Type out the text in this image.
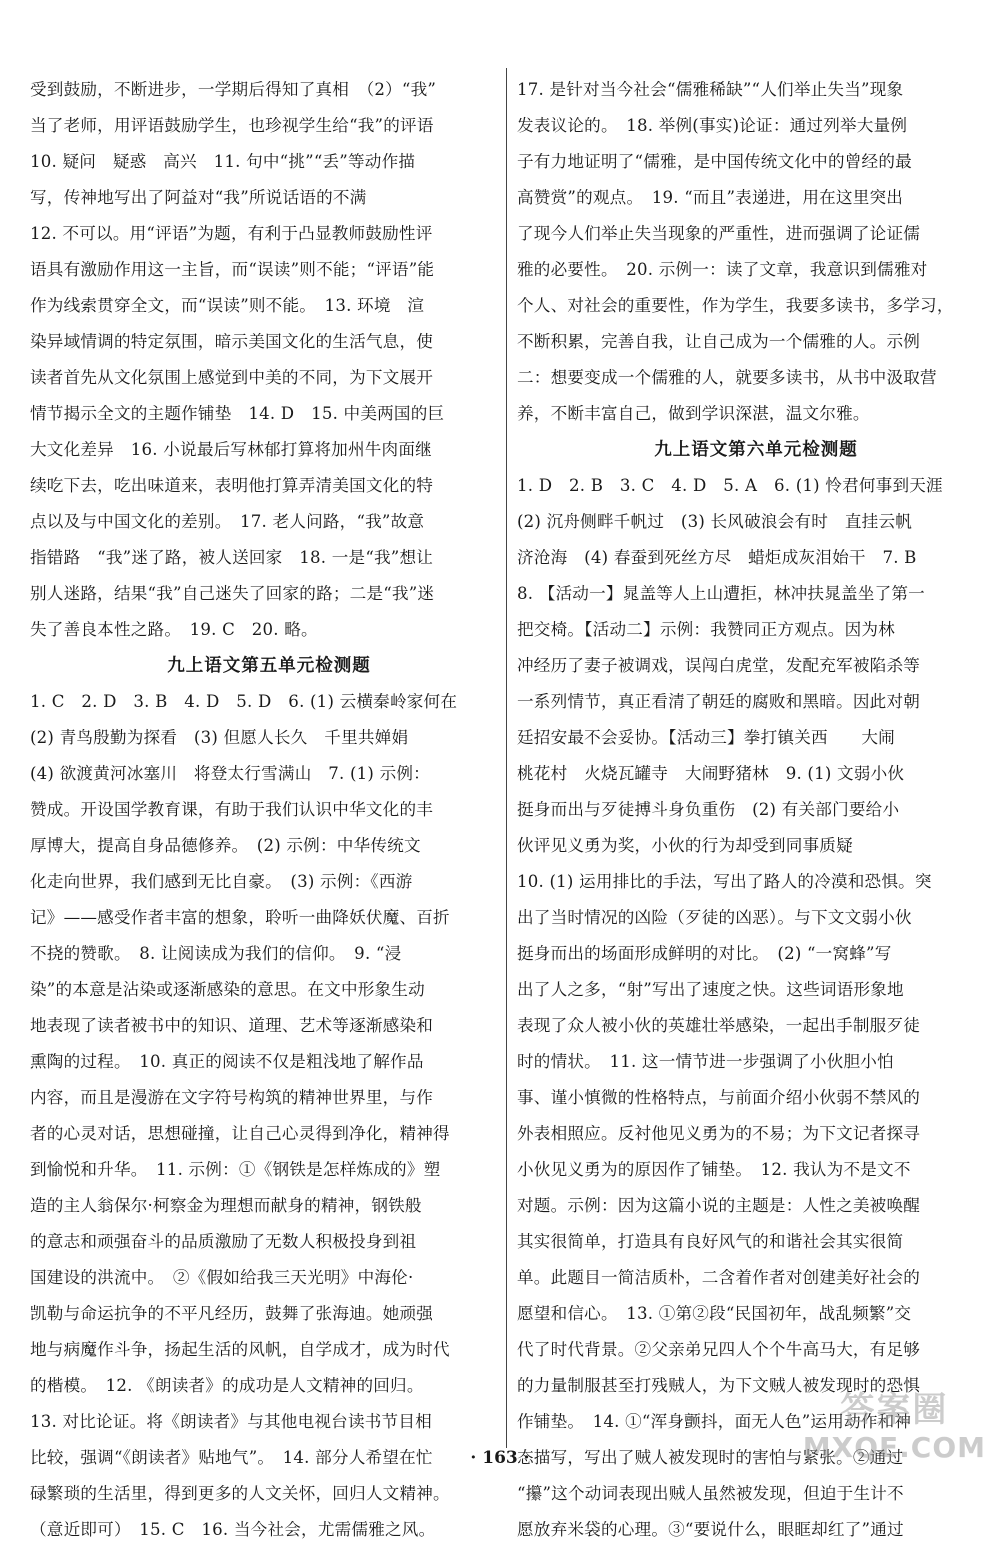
受到鼓励，不断进步，一学期后得知了真相　（2）“我”

当了老师，用评语鼓励学生，也珍视学生给“我”的评语

10. 疑问　疑惑　高兴　11. 句中“挑”“丢”等动作描

写，传神地写出了阿益对“我”所说话语的不满

12. 不可以。用“评语”为题，有利于凸显教师鼓励性评

语具有激励作用这一主旨，而“误读”则不能；“评语”能

作为线索贯穿全文，而“误读”则不能。　13. 环境　渲

染异域情调的特定氛围，暗示美国文化的生活气息，使

读者首先从文化氛围上感觉到中美的不同，为下文展开

情节揭示全文的主题作铺垫　14. D　15. 中美两国的巨

大文化差异　16. 小说最后写林郁打算将加州牛肉面继

续吃下去，吃出味道来，表明他打算弄清美国文化的特

点以及与中国文化的差别。　17. 老人问路，“我”故意

指错路　“我”迷了路，被人送回家　18. 一是“我”想让

别人迷路，结果“我”自己迷失了回家的路；二是“我”迷

失了善良本性之路。　19. C　20. 略。

九上语文第五单元检测题

1. C　2. D　3. B　4. D　5. D　6. (1) 云横秦岭家何在

(2) 青鸟殷勤为探看　(3) 但愿人长久　千里共婵娟

(4) 欲渡黄河冰塞川　将登太行雪满山　7. (1) 示例：

赞成。开设国学教育课，有助于我们认识中华文化的丰

厚博大，提高自身品德修养。　(2) 示例：中华传统文

化走向世界，我们感到无比自豪。　(3) 示例：《西游

记》——感受作者丰富的想象，聆听一曲降妖伏魔、百折

不挠的赞歌。　8. 让阅读成为我们的信仰。　9. “浸

染”的本意是沾染或逐渐感染的意思。在文中形象生动

地表现了读者被书中的知识、道理、艺术等逐渐感染和

熏陶的过程。　10. 真正的阅读不仅是粗浅地了解作品

内容，而且是漫游在文字符号构筑的精神世界里，与作

者的心灵对话，思想碰撞，让自己心灵得到净化，精神得

到愉悦和升华。　11. 示例：①《钢铁是怎样炼成的》塑

造的主人翁保尔·柯察金为理想而献身的精神，钢铁般

的意志和顽强奋斗的品质激励了无数人积极投身到祖

国建设的洪流中。　②《假如给我三天光明》中海伦·

凯勒与命运抗争的不平凡经历，鼓舞了张海迪。她顽强

地与病魔作斗争，扬起生活的风帆，自学成才，成为时代

的楷模。　12. 《朗读者》的成功是人文精神的回归。

13. 对比论证。将《朗读者》与其他电视台读书节目相

比较，强调“《朗读者》贴地气”。　14. 部分人希望在忙

碌繁琐的生活里，得到更多的人文关怀，回归人文精神。

（意近即可）　15. C　16. 当今社会，尤需儒雅之风。

17. 是针对当今社会“儒雅稀缺”“人们举止失当”现象

发表议论的。　18. 举例(事实)论证：通过列举大量例

子有力地证明了“儒雅，是中国传统文化中的曾经的最

高赞赏”的观点。　19. “而且”表递进，用在这里突出

了现今人们举止失当现象的严重性，进而强调了论证儒

雅的必要性。　20. 示例一：读了文章，我意识到儒雅对

个人、对社会的重要性，作为学生，我要多读书，多学习，

不断积累，完善自我，让自己成为一个儒雅的人。示例

二：想要变成一个儒雅的人，就要多读书，从书中汲取营

养，不断丰富自己，做到学识深湛，温文尔雅。

九上语文第六单元检测题

1. D　2. B　3. C　4. D　5. A　6. (1) 怜君何事到天涯

(2) 沉舟侧畔千帆过　(3) 长风破浪会有时　直挂云帆

济沧海　(4) 春蚕到死丝方尽　蜡炬成灰泪始干　7. B

8. 【活动一】晁盖等人上山遭拒，林冲扶晁盖坐了第一

把交椅。【活动二】示例：我赞同正方观点。因为林

冲经历了妻子被调戏，误闯白虎堂，发配充军被陷杀等

一系列情节，真正看清了朝廷的腐败和黑暗。因此对朝

廷招安最不会妥协。【活动三】拳打镇关西　　大闹

桃花村　火烧瓦罐寺　大闹野猪林　9. (1) 文弱小伙

挺身而出与歹徒搏斗身负重伤　(2) 有关部门要给小

伙评见义勇为奖，小伙的行为却受到同事质疑

10. (1) 运用排比的手法，写出了路人的冷漠和恐惧。突

出了当时情况的凶险（歹徒的凶恶）。与下文文弱小伙

挺身而出的场面形成鲜明的对比。　(2) “一窝蜂”写

出了人之多，“射”写出了速度之快。这些词语形象地

表现了众人被小伙的英雄壮举感染，一起出手制服歹徒

时的情状。　11. 这一情节进一步强调了小伙胆小怕

事、谨小慎微的性格特点，与前面介绍小伙弱不禁风的

外表相照应。反衬他见义勇为的不易；为下文记者探寻

小伙见义勇为的原因作了铺垫。　12. 我认为不是文不

对题。示例：因为这篇小说的主题是：人性之美被唤醒

其实很简单，打造具有良好风气的和谐社会其实很简

单。此题目一简洁质朴，二含着作者对创建美好社会的

愿望和信心。　13. ①第②段“民国初年，战乱频繁”交

代了时代背景。②父亲弟兄四人个个牛高马大，有足够

的力量制服甚至打残贼人，为下文贼人被发现时的恐惧

作铺垫。　14. ①“浑身颤抖，面无人色”运用动作和神

态描写，写出了贼人被发现时的害怕与紧张。②通过

“攥”这个动词表现出贼人虽然被发现，但迫于生计不

愿放弃米袋的心理。③“要说什么，眼眶却红了”通过

· 163 ·
答案圈
MXQE.COM
